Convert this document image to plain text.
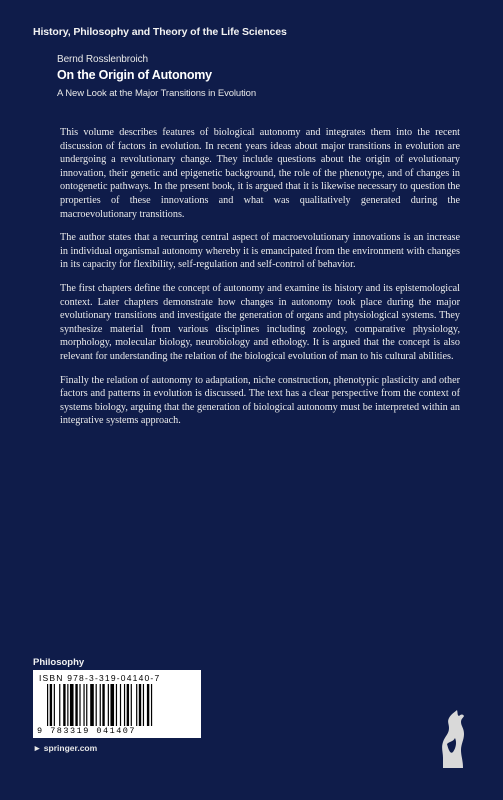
History, Philosophy and Theory of the Life Sciences
Bernd Rosslenbroich
On the Origin of Autonomy
A New Look at the Major Transitions in Evolution

This volume describes features of biological autonomy and integrates them into the recent discussion of factors in evolution. In recent years ideas about major transitions in evolution are undergoing a revolutionary change. They include questions about the origin of evolutionary innovation, their genetic and epigenetic background, the role of the phenotype, and of changes in ontogenetic pathways. In the present book, it is argued that it is likewise necessary to question the properties of these innovations and what was qualitatively generated during the macroevolutionary transitions.

The author states that a recurring central aspect of macroevolutionary innovations is an increase in individual organismal autonomy whereby it is emancipated from the environment with changes in its capacity for flexibility, self-regulation and self-control of behavior.

The first chapters define the concept of autonomy and examine its history and its epistemological context. Later chapters demonstrate how changes in autonomy took place during the major evolutionary transitions and investigate the generation of organs and physiological systems. They synthesize material from various disciplines including zoology, comparative physiology, morphology, molecular biology, neurobiology and ethology. It is argued that the concept is also relevant for understanding the relation of the biological evolution of man to his cultural abilities.

Finally the relation of autonomy to adaptation, niche construction, phenotypic plasticity and other factors and patterns in evolution is discussed. The text has a clear perspective from the context of systems biology, arguing that the generation of biological autonomy must be interpreted within an integrative systems approach.

Philosophy
ISBN 978-3-319-04140-7
9 783319 041407
► springer.com
